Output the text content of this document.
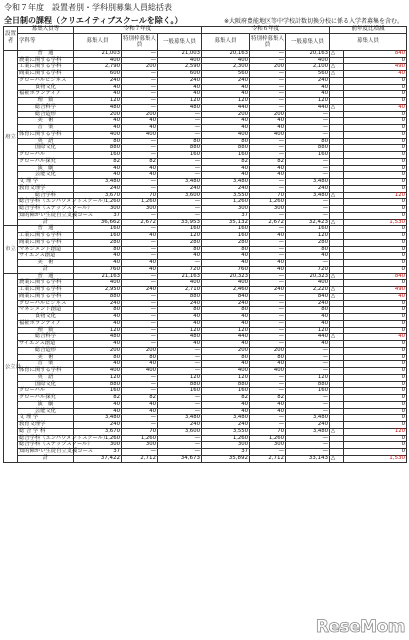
令和７年度　設置者別・学科別募集人員総括表
全日制の課程（クリエイティブスクールを除く。）	※大阪府豊能地区等中学校計数切換分校に係る入学者募集を含む。
設置者	募集人員等	令和７年度			令和６年度			前年度比増減	
	学科等	募集人員	特別枠募集人員	一般募集人員	募集人員	特別枠募集人員	一般募集人員	募集人員	
府立	普　通	21,003	—	21,003	20,163	—	20,163	△	840
	農業に関する学科	400	—	400	400	—	400		0
	工業に関する学科	2,790	200	2,590	2,300	200	2,100	△	490
	商業に関する学科	600	—	600	560	—	560	△	40
	グローバルビジネス	240	—	240	240	—	240		0
	食物文化	40	—	40	40	—	40		0
	福祉ボランティア	40	—	40	40	—	40		0
	理　数	120	—	120	120	—	120		0
	総合科学	480	—	480	440	—	440	△	40
	総合造形	200	200	—	200	200	—		0
	美　術	40	40	—	40	40	—		0
	音　楽	40	40	—	40	40	—		0
	体育に関する学科	400	400	—	400	400	—		0
	英　語	80	—	80	80	—	80		0
	国際文化	880	—	880	880	—	880		0
	グローバル	160	—	160	160	—	160		0
	グローバル探究	82	82	—	82	82	—		0
	演　劇	40	40	—	40	40	—		0
	芸能文化	40	40	—	40	40	—		0
	文 理 学	3,480	—	3,480	3,480	—	3,480		0
	教育文理学	240	—	240	240	—	240		0
	総合学科	3,670	70	3,600	3,550	70	3,480	△	120
	総合学科（エンパワメントスクール）	1,260	1,260	—	1,260	1,260	—		0
	総合学科（ステップスクール）	300	300	—	300	300	—		0
	知的障がい生徒自立支援コース	37	—	—	37	—	—		0
	計	36,662	2,672	33,953	35,132	2,672	32,423	△	1,530
市立	普　通	160	—	160	160	—	160		0
	工業に関する学科	160	40	120	160	40	120		0
	商業に関する学科	280	—	280	280	—	280		0
	マネジメント創造	80	—	80	80	—	80		0
	サイエンス創造	40	—	40	40	—	40		0
	美　術	40	40	—	40	40	—		0
	計	760	40	720	760	40	720		0
公立計	普　通	21,163	—	21,163	20,323	—	20,323	△	840
	農業に関する学科	400	—	400	400	—	400		0
	工業に関する学科	2,950	240	2,710	2,460	240	2,220	△	490
	商業に関する学科	880	—	880	840	—	840	△	40
	グローバルビジネス	240	—	240	240	—	240		0
	マネジメント創造	80	—	80	80	—	80		0
	食物文化	40	—	40	40	—	40		0
	福祉ボランティア	40	—	40	40	—	40		0
	理　数	120	—	120	120	—	120		0
	総合科学	480	—	480	440	—	440	△	40
	サイエンス創造	40	—	40	40	—	40		0
	総合造形	200	200	—	200	200	—		0
	美　術	80	80	—	80	80	—		0
	音　楽	40	40	—	40	40	—		0
	体育に関する学科	400	400	—	400	400	—		0
	英　語	120	—	120	120	—	120		0
	国際文化	880	—	880	880	—	880		0
	グローバル	160	—	160	160	—	160		0
	グローバル探究	82	82	—	82	82	—		0
	演　劇	40	40	—	40	40	—		0
	芸能文化	40	40	—	40	40	—		0
	文 理 学	3,480	—	3,480	3,480	—	3,480		0
	教育文理学	240	—	240	240	—	240		0
	総 合 学 科	3,670	70	3,600	3,550	70	3,480	△	120
	総合学科（エンパワメントスクール）	1,260	1,260	—	1,260	1,260	—		0
	総合学科（ステップスクール）	300	300	—	300	300	—		0
	知的障がい生徒自立支援コース	37	—	—	37	—	—		0
	計	37,422	2,712	34,673	35,892	2,712	33,143	△	1,530
ReseMom
